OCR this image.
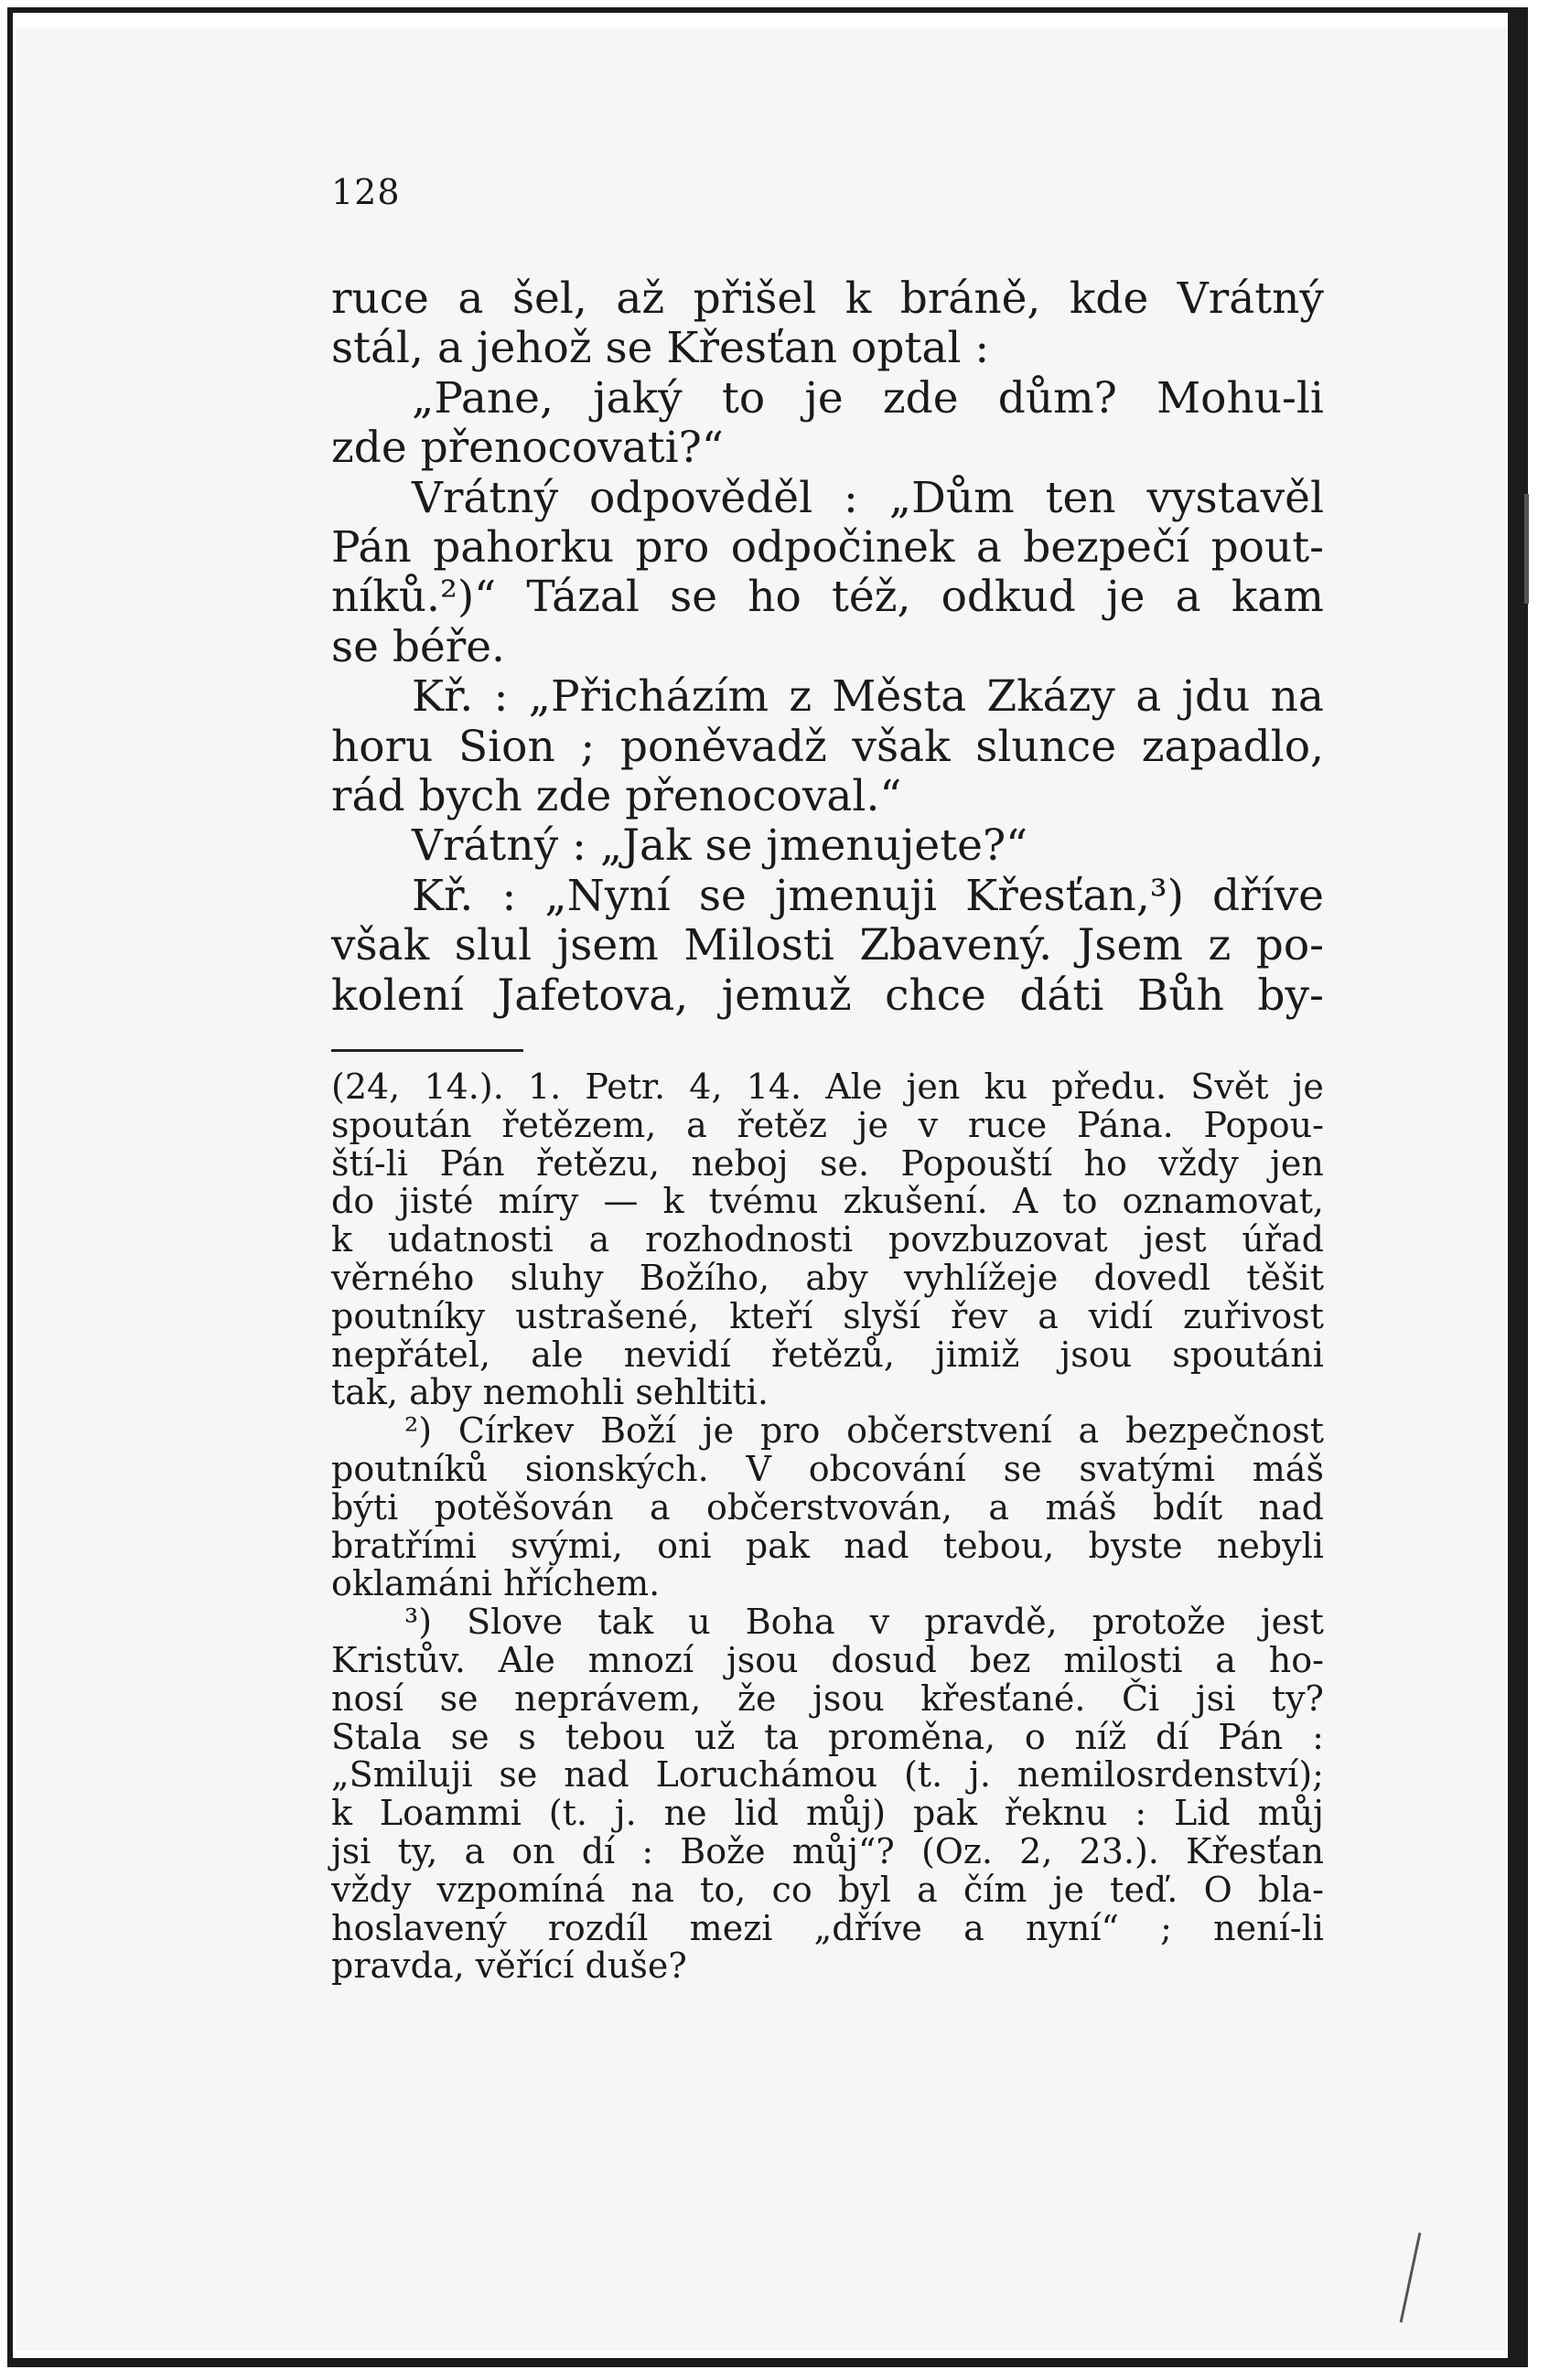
128
ruce a šel, až přišel k bráně, kde Vrátný
stál, a jehož se Křesťan optal :
„Pane, jaký to je zde dům? Mohu-li
zde přenocovati?“
Vrátný odpověděl : „Dům ten vystavěl
Pán pahorku pro odpočinek a bezpečí pout-
níků.²)“ Tázal se ho též, odkud je a kam
se béře.
Kř. : „Přicházím z Města Zkázy a jdu na
horu Sion ; poněvadž však slunce zapadlo,
rád bych zde přenocoval.“
Vrátný : „Jak se jmenujete?“
Kř. : „Nyní se jmenuji Křesťan,³) dříve
však slul jsem Milosti Zbavený. Jsem z po-
kolení Jafetova, jemuž chce dáti Bůh by-
(24, 14.). 1. Petr. 4, 14. Ale jen ku předu. Svět je
spoután řetězem, a řetěz je v ruce Pána. Popou-
ští-li Pán řetězu, neboj se. Popouští ho vždy jen
do jisté míry — k tvému zkušení. A to oznamovat,
k udatnosti a rozhodnosti povzbuzovat jest úřad
věrného sluhy Božího, aby vyhlížeje dovedl těšit
poutníky ustrašené, kteří slyší řev a vidí zuřivost
nepřátel, ale nevidí řetězů, jimiž jsou spoutáni
tak, aby nemohli sehltiti.
²) Církev Boží je pro občerstvení a bezpečnost
poutníků sionských. V obcování se svatými máš
býti potěšován a občerstvován, a máš bdít nad
bratřími svými, oni pak nad tebou, byste nebyli
oklamáni hříchem.
³) Slove tak u Boha v pravdě, protože jest
Kristův. Ale mnozí jsou dosud bez milosti a ho-
nosí se neprávem, že jsou křesťané. Či jsi ty?
Stala se s tebou už ta proměna, o níž dí Pán :
„Smiluji se nad Loruchámou (t. j. nemilosrdenství);
k Loammi (t. j. ne lid můj) pak řeknu : Lid můj
jsi ty, a on dí : Bože můj“? (Oz. 2, 23.). Křesťan
vždy vzpomíná na to, co byl a čím je teď. O bla-
hoslavený rozdíl mezi „dříve a nyní“ ; není-li
pravda, věřící duše?
